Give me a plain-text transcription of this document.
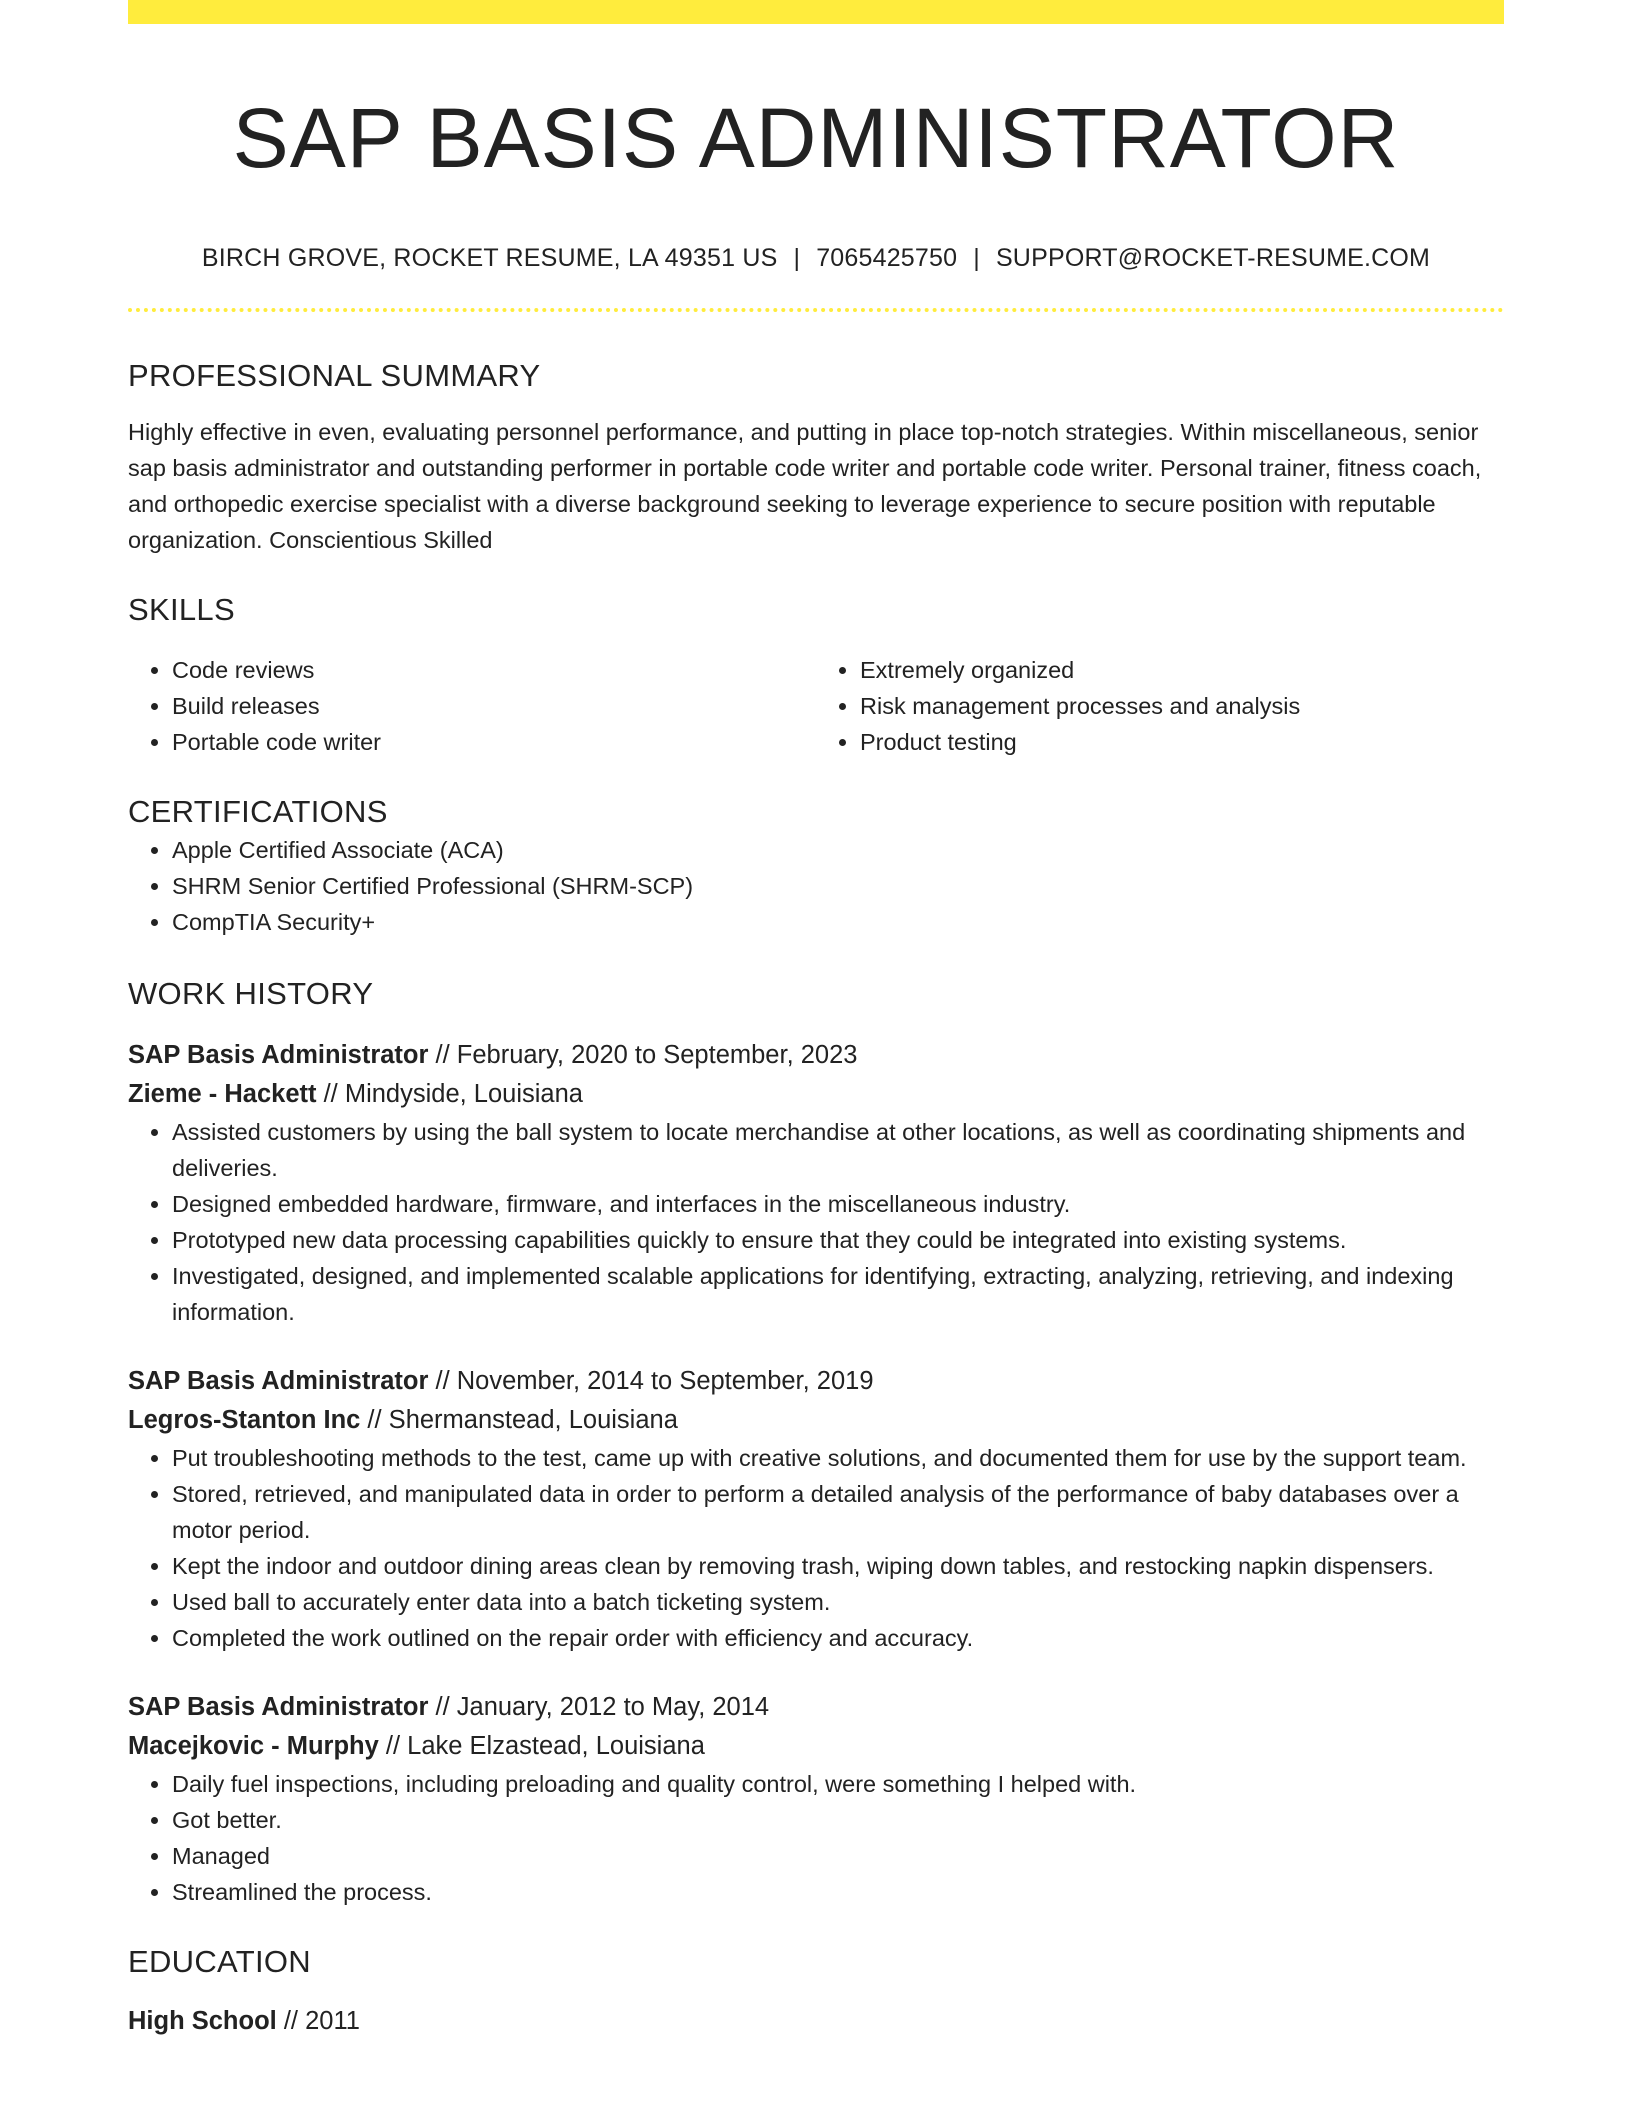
SAP BASIS ADMINISTRATOR
BIRCH GROVE, ROCKET RESUME, LA 49351 US | 7065425750 | SUPPORT@ROCKET-RESUME.COM
PROFESSIONAL SUMMARY
Highly effective in even, evaluating personnel performance, and putting in place top-notch strategies. Within miscellaneous, senior sap basis administrator and outstanding performer in portable code writer and portable code writer. Personal trainer, fitness coach, and orthopedic exercise specialist with a diverse background seeking to leverage experience to secure position with reputable organization. Conscientious Skilled
SKILLS
• Code reviews
• Build releases
• Portable code writer
• Extremely organized
• Risk management processes and analysis
• Product testing
CERTIFICATIONS
• Apple Certified Associate (ACA)
• SHRM Senior Certified Professional (SHRM-SCP)
• CompTIA Security+
WORK HISTORY
SAP Basis Administrator // February, 2020 to September, 2023
Zieme - Hackett // Mindyside, Louisiana
• Assisted customers by using the ball system to locate merchandise at other locations, as well as coordinating shipments and deliveries.
• Designed embedded hardware, firmware, and interfaces in the miscellaneous industry.
• Prototyped new data processing capabilities quickly to ensure that they could be integrated into existing systems.
• Investigated, designed, and implemented scalable applications for identifying, extracting, analyzing, retrieving, and indexing information.
SAP Basis Administrator // November, 2014 to September, 2019
Legros-Stanton Inc // Shermanstead, Louisiana
• Put troubleshooting methods to the test, came up with creative solutions, and documented them for use by the support team.
• Stored, retrieved, and manipulated data in order to perform a detailed analysis of the performance of baby databases over a motor period.
• Kept the indoor and outdoor dining areas clean by removing trash, wiping down tables, and restocking napkin dispensers.
• Used ball to accurately enter data into a batch ticketing system.
• Completed the work outlined on the repair order with efficiency and accuracy.
SAP Basis Administrator // January, 2012 to May, 2014
Macejkovic - Murphy // Lake Elzastead, Louisiana
• Daily fuel inspections, including preloading and quality control, were something I helped with.
• Got better.
• Managed
• Streamlined the process.
EDUCATION
High School // 2011
